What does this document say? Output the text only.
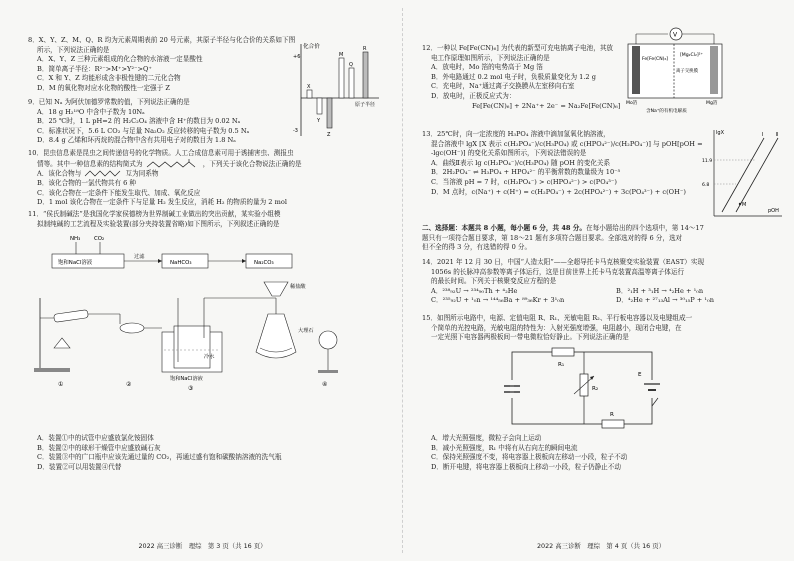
8．X、Y、Z、M、Q、R 均为元素周期表前 20 号元素，其原子半径与化合价的关系如下图
所示，下列说法正确的是
A．X、Y、Z 三种元素组成的化合物的水溶液一定显酸性
B．简单离子半径：R²⁻>M⁺>Y²⁻>Q⁺
C．X 和 Y、Z 均能形成含非极性键的二元化合物
D．M 的氧化物对应水化物的酸性一定强于 Z
化合价
原子半径
+6
-3
X
Y
Z
M
Q
R
9．已知 Nₐ 为阿伏加德罗常数的值，下列说法正确的是
A．18 g H₂¹⁸O 中含中子数为 10Nₐ
B．25 ℃时，1 L pH=2 的 H₂C₂O₄ 溶液中含 H⁺的数目为 0.02 Nₐ
C．标准状况下，5.6 L CO₂ 与足量 Na₂O₂ 反应转移的电子数为 0.5 Nₐ
D．8.4 g 乙烯和环丙烷的混合物中含有共用电子对的数目为 1.8 Nₐ
10．昆虫信息素是昆虫之间传递信号的化学物质。人工合成信息素可用于诱捕害虫、测报虫
情等。其中一种信息素的结构简式为	，下列关于该化合物说法正确的是
A．该化合物与	互为同系物
B．该化合物的一氯代物共有 6 种
C．该化合物在一定条件下能发生取代、加成、氧化反应
D．1 mol 该化合物在一定条件下与足量 H₂ 发生反应，消耗 H₂ 的物质的量为 2 mol
11．“侯氏制碱法”是我国化学家侯德榜为世界制碱工业做出的突出贡献，某实验小组模
拟制纯碱的工艺流程及实验装置(部分夹持装置省略)如下图所示，下列叙述正确的是
NH₃	CO₂
饱和NaCl溶液
过滤
NaHCO₃	Na₂CO₃
①	②
冷水
饱和NaCl溶液
③
稀盐酸
大理石
④
A．装置①中的试管中应盛放氯化铵固体
B．装置②中的球形干燥管中应盛放碱石灰
C．装置③中的广口瓶中应该先通过量的 CO₂，再通过盛有饱和碳酸钠溶液的洗气瓶
D．装置②可以用装置④代替
2022 高三诊断　理综　第 3 页（共 16 页）
12．一种以 Fe[Fe(CN)₆] 为代表的新型可充电钠离子电池，其放
电工作原理如图所示，下列说法正确的是
A．放电时，Mo 箔的电势高于 Mg 箔
B．外电路通过 0.2 mol 电子时，负极质量变化为 1.2 g
C．充电时，Na⁺通过离子交换膜从左室移向右室
D．放电时，正极反应式为：
Fe[Fe(CN)₆] + 2Na⁺+ 2e⁻ = Na₂Fe[Fe(CN)₆]
V
Fe[Fe(CN)₆]
[Mg₂Cl₂]²⁺
离子交换膜
Mo箔	Mg箔
含Na⁺的有机电解质
13．25℃时，向一定浓度的 H₃PO₄ 溶液中滴加氢氧化钠溶液，
混合溶液中 lgX [X 表示 c(H₂PO₄⁻)/c(H₃PO₄) 或 c(HPO₄²⁻)/c(H₂PO₄⁻)] 与 pOH[pOH =
-lgc(OH⁻)] 的变化关系如图所示，下列说法错误的是
A．曲线Ⅱ表示 lg c(H₂PO₄⁻)/c(H₃PO₄) 随 pOH 的变化关系
B．2H₂PO₄⁻ ⇌ H₃PO₄ + HPO₄²⁻ 的平衡常数的数量级为 10⁻⁵
C．当溶液 pH = 7 时，c(H₂PO₄⁻) > c(HPO₄²⁻) > c(PO₄³⁻)
D．M 点时，c(Na⁺) + c(H⁺) = c(H₂PO₄⁻) + 2c(HPO₄²⁻) + 3c(PO₄³⁻) + c(OH⁻)
lgX
pOH
11.9
6.8
Ⅰ	Ⅱ
M
二、选择题：本题共 8 小题，每小题 6 分，共 48 分。在每小题给出的四个选项中，第 14～17
题只有一项符合题目要求，第 18～21 题有多项符合题目要求。全部选对的得 6 分，选对
但不全的得 3 分，有选错的得 0 分。
14．2021 年 12 月 30 日，中国“人造太阳”——全超导托卡马克核聚变实验装置（EAST）实现
1056s 的长脉冲高参数等离子体运行，这是目前世界上托卡马克装置高温等离子体运行
的最长时间。下列关于核聚变反应方程的是
A．²³⁸₉₂U → ²³⁴₉₀Th + ⁴₂He	B．²₁H + ³₁H → ⁴₂He + ¹₀n
C．²³⁵₉₂U + ¹₀n → ¹⁴⁴₅₆Ba + ⁸⁹₃₆Kr + 3¹₀n	D．⁴₂He + ²⁷₁₃Al → ³⁰₁₅P + ¹₀n
15．如图所示电路中，电源、定值电阻 R、R₁、光敏电阻 R₂、平行板电容器以及电键组成一
个简单的光控电路，光敏电阻的特性为：入射光强度增强，电阻越小，现闭合电键，在
一定光照下电容器两极板间一带电微粒恰好静止。下列说法正确的是
R₁
R₂
R
E
A．增大光照强度，微粒子会向上运动
B．减小光照强度，R₁ 中将有从右向左的瞬间电流
C．保持光照强度不变，将电容器上极板向左移动一小段，粒子不动
D．断开电键，将电容器上极板向上移动一小段，粒子仍静止不动
2022 高三诊断　理综　第 4 页（共 16 页）
